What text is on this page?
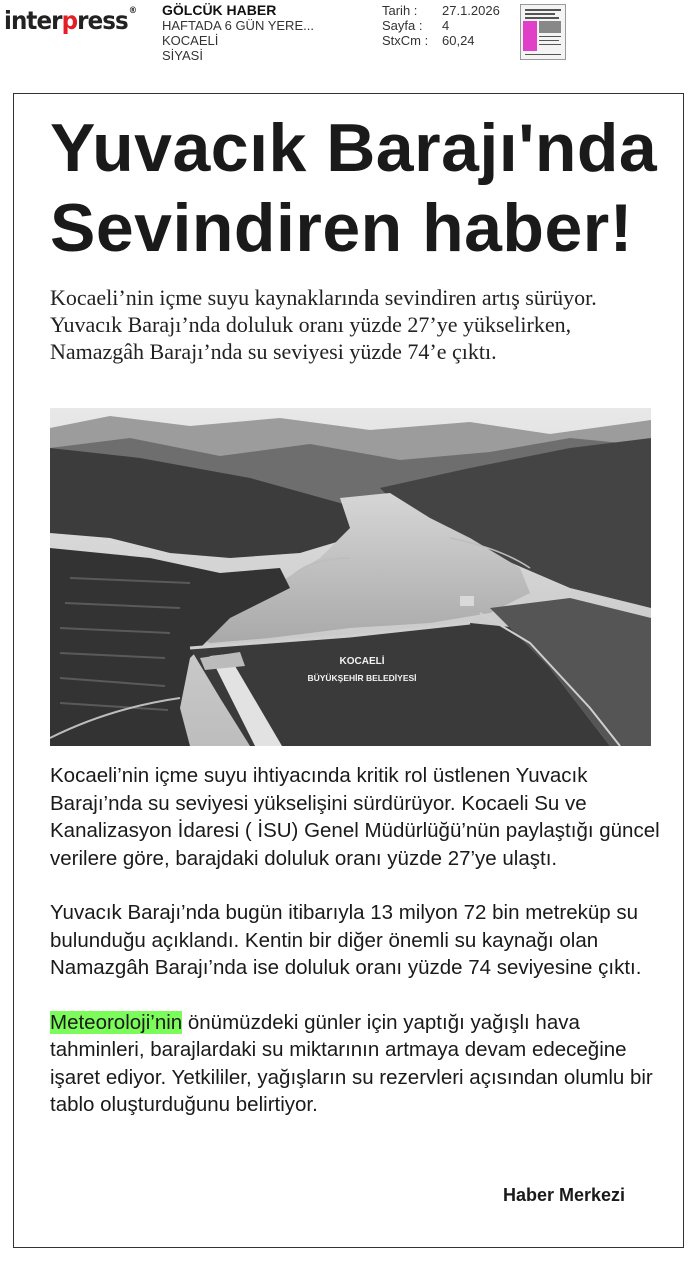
interpress® GÖLCÜK HABER
HAFTADA 6 GÜN YERE...
KOCAELİ
SİYASİ
Tarih :	27.1.2026
Sayfa :	4
StxCm :	60,24
Yuvacık Barajı'nda
Sevindiren haber!

Kocaeli’nin içme suyu kaynaklarında sevindiren artış sürüyor. Yuvacık Barajı’nda doluluk oranı yüzde 27’ye yükselirken, Namazgâh Barajı’nda su seviyesi yüzde 74’e çıktı.

KOCAELİ
BÜYÜKŞEHİR BELEDİYESİ

Kocaeli’nin içme suyu ihtiyacında kritik rol üstlenen Yuvacık Barajı’nda su seviyesi yükselişini sürdürüyor. Kocaeli Su ve Kanalizasyon İdaresi ( İSU) Genel Müdürlüğü’nün paylaştığı güncel verilere göre, barajdaki doluluk oranı yüzde 27’ye ulaştı.

Yuvacık Barajı’nda bugün itibarıyla 13 milyon 72 bin metreküp su bulunduğu açıklandı. Kentin bir diğer önemli su kaynağı olan Namazgâh Barajı’nda ise doluluk oranı yüzde 74 seviyesine çıktı.

Meteoroloji’nin önümüzdeki günler için yaptığı yağışlı hava tahminleri, barajlardaki su miktarının artmaya devam edeceğine işaret ediyor. Yetkililer, yağışların su rezervleri açısından olumlu bir tablo oluşturduğunu belirtiyor.

Haber Merkezi
